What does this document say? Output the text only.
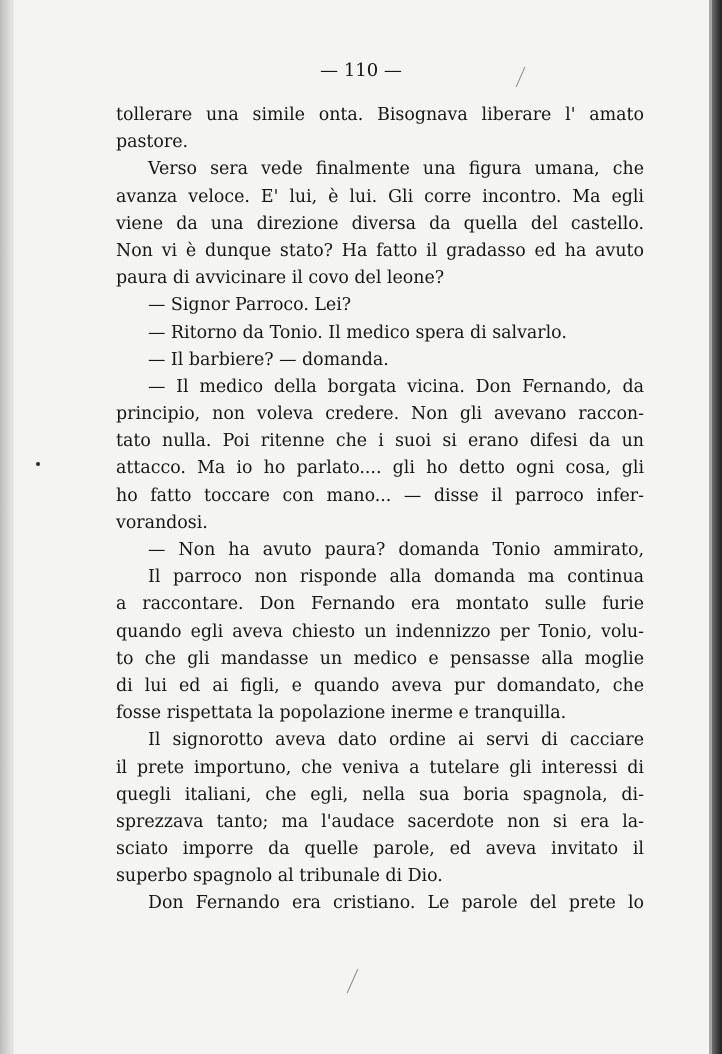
— 110 —
tollerare una simile onta. Bisognava liberare l' amato
pastore.
Verso sera vede finalmente una figura umana, che
avanza veloce. E' lui, è lui. Gli corre incontro. Ma egli
viene da una direzione diversa da quella del castello.
Non vi è dunque stato? Ha fatto il gradasso ed ha avuto
paura di avvicinare il covo del leone?
— Signor Parroco. Lei?
— Ritorno da Tonio. Il medico spera di salvarlo.
— Il barbiere? — domanda.
— Il medico della borgata vicina. Don Fernando, da
principio, non voleva credere. Non gli avevano raccon-
tato nulla. Poi ritenne che i suoi si erano difesi da un
attacco. Ma io ho parlato.... gli ho detto ogni cosa, gli
ho fatto toccare con mano... — disse il parroco infer-
vorandosi.
— Non ha avuto paura? domanda Tonio ammirato,
Il parroco non risponde alla domanda ma continua
a raccontare. Don Fernando era montato sulle furie
quando egli aveva chiesto un indennizzo per Tonio, volu-
to che gli mandasse un medico e pensasse alla moglie
di lui ed ai figli, e quando aveva pur domandato, che
fosse rispettata la popolazione inerme e tranquilla.
Il signorotto aveva dato ordine ai servi di cacciare
il prete importuno, che veniva a tutelare gli interessi di
quegli italiani, che egli, nella sua boria spagnola, di-
sprezzava tanto; ma l'audace sacerdote non si era la-
sciato imporre da quelle parole, ed aveva invitato il
superbo spagnolo al tribunale di Dio.
Don Fernando era cristiano. Le parole del prete lo
